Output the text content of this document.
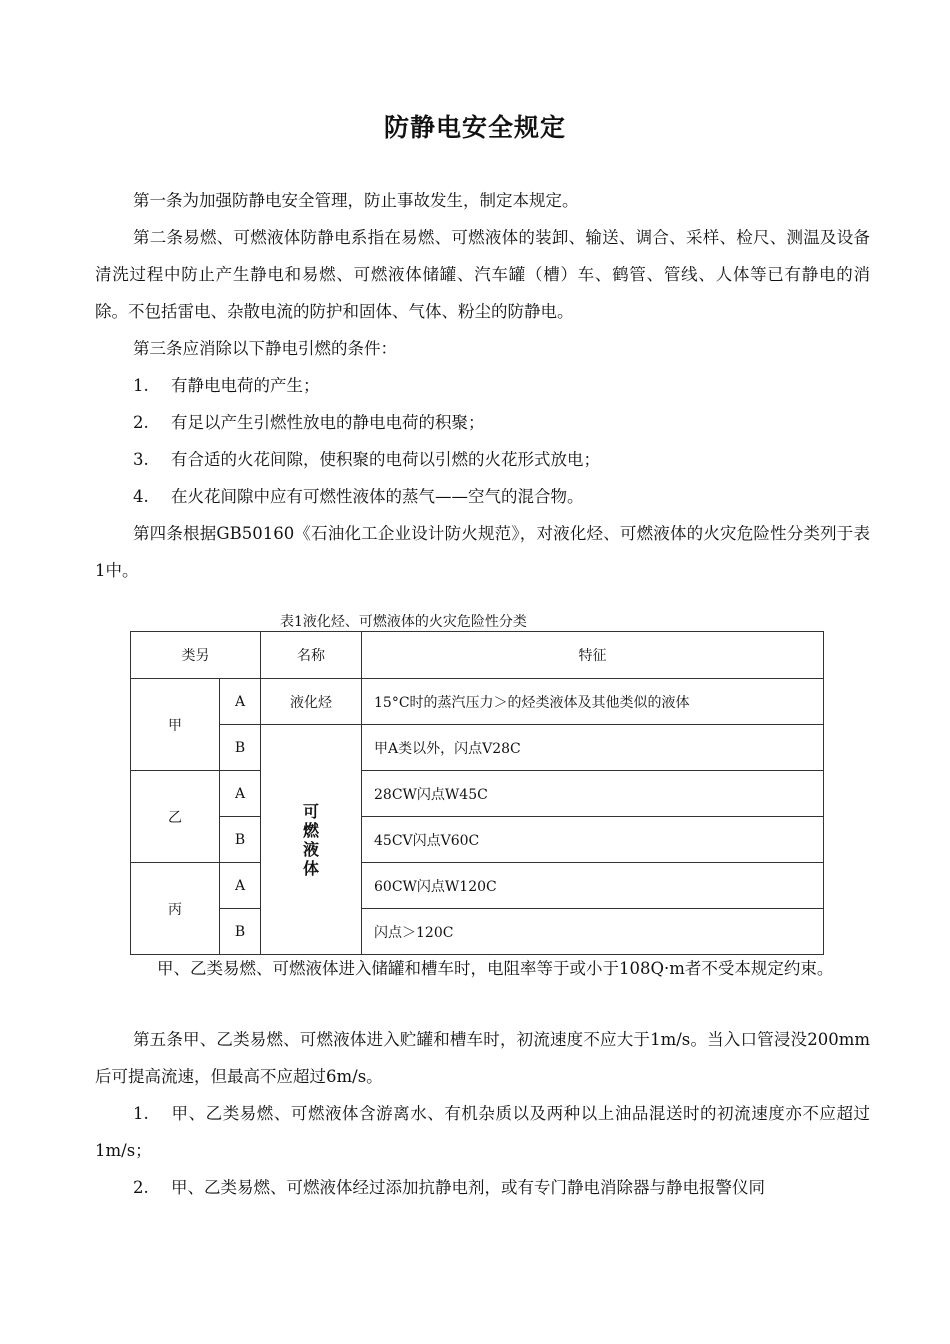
防静电安全规定

第一条为加强防静电安全管理，防止事故发生，制定本规定。

第二条易燃、可燃液体防静电系指在易燃、可燃液体的装卸、输送、调合、采样、检尺、测温及设备清洗过程中防止产生静电和易燃、可燃液体储罐、汽车罐（槽）车、鹤管、管线、人体等已有静电的消除。不包括雷电、杂散电流的防护和固体、气体、粉尘的防静电。

第三条应消除以下静电引燃的条件：

1. 有静电电荷的产生；
2. 有足以产生引燃性放电的静电电荷的积聚；
3. 有合适的火花间隙，使积聚的电荷以引燃的火花形式放电；
4. 在火花间隙中应有可燃性液体的蒸气——空气的混合物。

第四条根据GB50160《石油化工企业设计防火规范》，对液化烃、可燃液体的火灾危险性分类列于表1中。

表1液化烃、可燃液体的火灾危险性分类
类另		名称	特征
甲	A	液化烃	15°C时的蒸汽压力＞的烃类液体及其他类似的液体
	B	可燃液体	甲A类以外，闪点V28C
乙	A		28CW闪点W45C
	B		45CV闪点V60C
丙	A		60CW闪点W120C
	B		闪点＞120C

甲、乙类易燃、可燃液体进入储罐和槽车时，电阻率等于或小于108Q·m者不受本规定约束。

第五条甲、乙类易燃、可燃液体进入贮罐和槽车时，初流速度不应大于1m/s。当入口管浸没200mm后可提高流速，但最高不应超过6m/s。

1. 甲、乙类易燃、可燃液体含游离水、有机杂质以及两种以上油品混送时的初流速度亦不应超过1m/s；

2. 甲、乙类易燃、可燃液体经过添加抗静电剂，或有专门静电消除器与静电报警仪同
